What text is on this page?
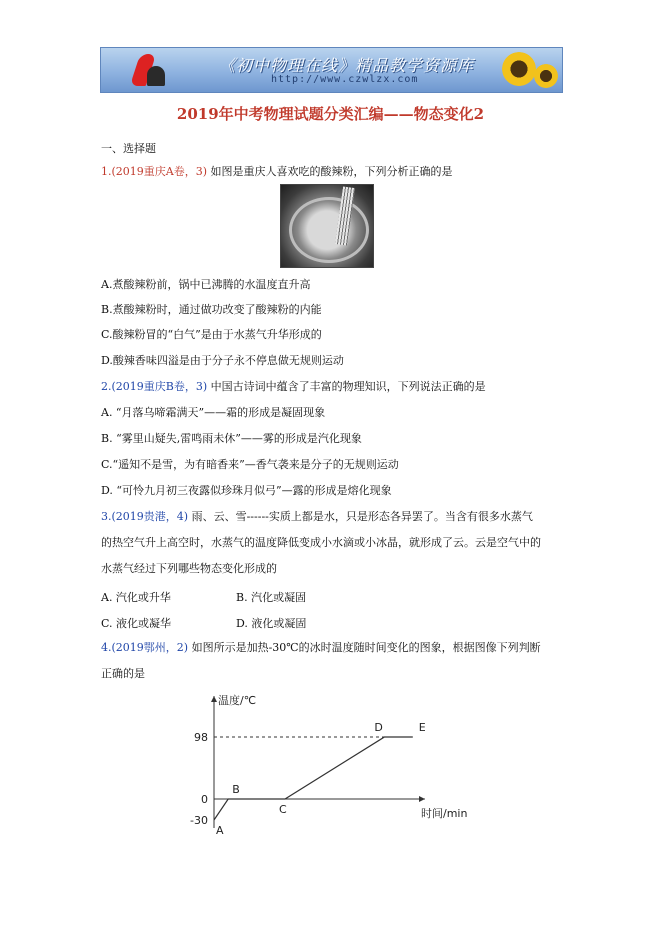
《初中物理在线》精品教学资源库
http://www.czwlzx.com
2019年中考物理试题分类汇编——物态变化2
一、选择题
1.(2019重庆A卷，3) 如图是重庆人喜欢吃的酸辣粉，下列分析正确的是
A.煮酸辣粉前，锅中已沸腾的水温度直升高
B.煮酸辣粉时，通过做功改变了酸辣粉的内能
C.酸辣粉冒的“白气”是由于水蒸气升华形成的
D.酸辣香味四溢是由于分子永不停息做无规则运动
2.(2019重庆B卷，3) 中国古诗词中蕴含了丰富的物理知识，下列说法正确的是
A. “月落乌啼霜满天”——霜的形成是凝固现象
B. “雾里山疑失,雷鸣雨未休”——雾的形成是汽化现象
C.“遥知不是雪，为有暗香来”—香气袭来是分子的无规则运动
D. “可怜九月初三夜露似珍珠月似弓”—露的形成是熔化现象
3.(2019贵港，4) 雨、云、雪------实质上都是水，只是形态各异罢了。当含有很多水蒸气
的热空气升上高空时，水蒸气的温度降低变成小水滴或小冰晶，就形成了云。云是空气中的
水蒸气经过下列哪些物态变化形成的
A. 汽化或升华	B. 汽化或凝固
C. 液化或凝华	D. 液化或凝固
4.(2019鄂州，2) 如图所示是加热-30℃的冰时温度随时间变化的图象，根据图像下列判断
正确的是
温度/℃
时间/min
98
0
-30
A
B
C
D	E
